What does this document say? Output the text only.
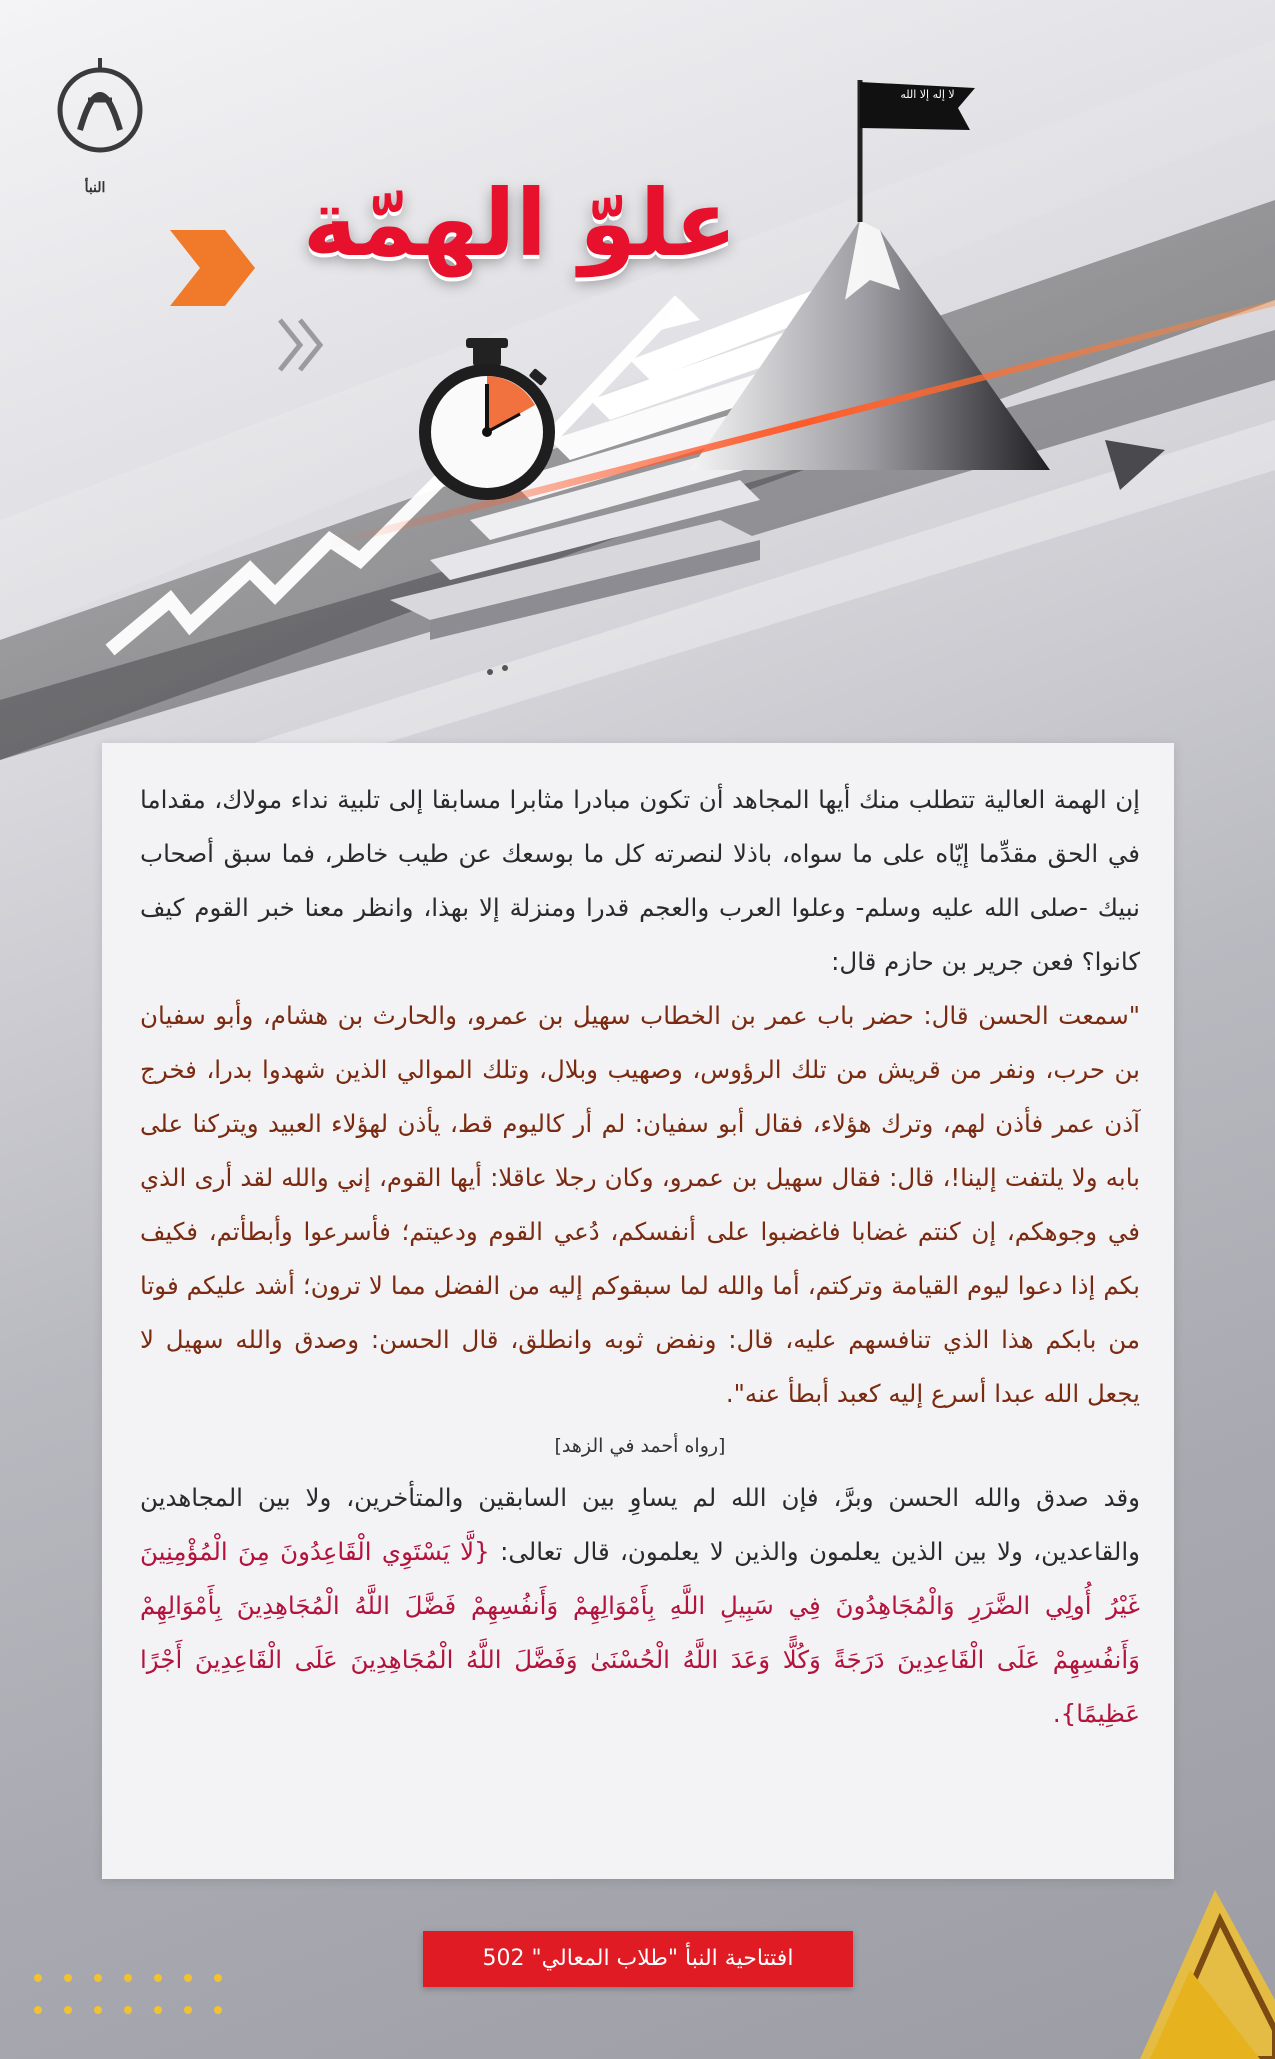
النبأ
لا إله إلا الله
علوّ الهمّة

إن الهمة العالية تتطلب منك أيها المجاهد أن تكون مبادرا مثابرا مسابقا إلى تلبية نداء مولاك، مقداما في الحق مقدِّما إيّاه على ما سواه، باذلا لنصرته كل ما بوسعك عن طيب خاطر، فما سبق أصحاب نبيك -صلى الله عليه وسلم- وعلوا العرب والعجم قدرا ومنزلة إلا بهذا، وانظر معنا خبر القوم كيف كانوا؟ فعن جرير بن حازم قال:

"سمعت الحسن قال: حضر باب عمر بن الخطاب سهيل بن عمرو، والحارث بن هشام، وأبو سفيان بن حرب، ونفر من قريش من تلك الرؤوس، وصهيب وبلال، وتلك الموالي الذين شهدوا بدرا، فخرج آذن عمر فأذن لهم، وترك هؤلاء، فقال أبو سفيان: لم أر كاليوم قط، يأذن لهؤلاء العبيد ويتركنا على بابه ولا يلتفت إلينا!، قال: فقال سهيل بن عمرو، وكان رجلا عاقلا: أيها القوم، إني والله لقد أرى الذي في وجوهكم، إن كنتم غضابا فاغضبوا على أنفسكم، دُعي القوم ودعيتم؛ فأسرعوا وأبطأتم، فكيف بكم إذا دعوا ليوم القيامة وتركتم، أما والله لما سبقوكم إليه من الفضل مما لا ترون؛ أشد عليكم فوتا من بابكم هذا الذي تنافسهم عليه، قال: ونفض ثوبه وانطلق، قال الحسن: وصدق والله سهيل لا يجعل الله عبدا أسرع إليه كعبد أبطأ عنه".

[رواه أحمد في الزهد]

وقد صدق والله الحسن وبرَّ، فإن الله لم يساوِ بين السابقين والمتأخرين، ولا بين المجاهدين والقاعدين، ولا بين الذين يعلمون والذين لا يعلمون، قال تعالى: {لَّا يَسْتَوِي الْقَاعِدُونَ مِنَ الْمُؤْمِنِينَ غَيْرُ أُولِي الضَّرَرِ وَالْمُجَاهِدُونَ فِي سَبِيلِ اللَّهِ بِأَمْوَالِهِمْ وَأَنفُسِهِمْ فَضَّلَ اللَّهُ الْمُجَاهِدِينَ بِأَمْوَالِهِمْ وَأَنفُسِهِمْ عَلَى الْقَاعِدِينَ دَرَجَةً وَكُلًّا وَعَدَ اللَّهُ الْحُسْنَىٰ وَفَضَّلَ اللَّهُ الْمُجَاهِدِينَ عَلَى الْقَاعِدِينَ أَجْرًا عَظِيمًا}.

افتتاحية النبأ "طلاب المعالي" 502
